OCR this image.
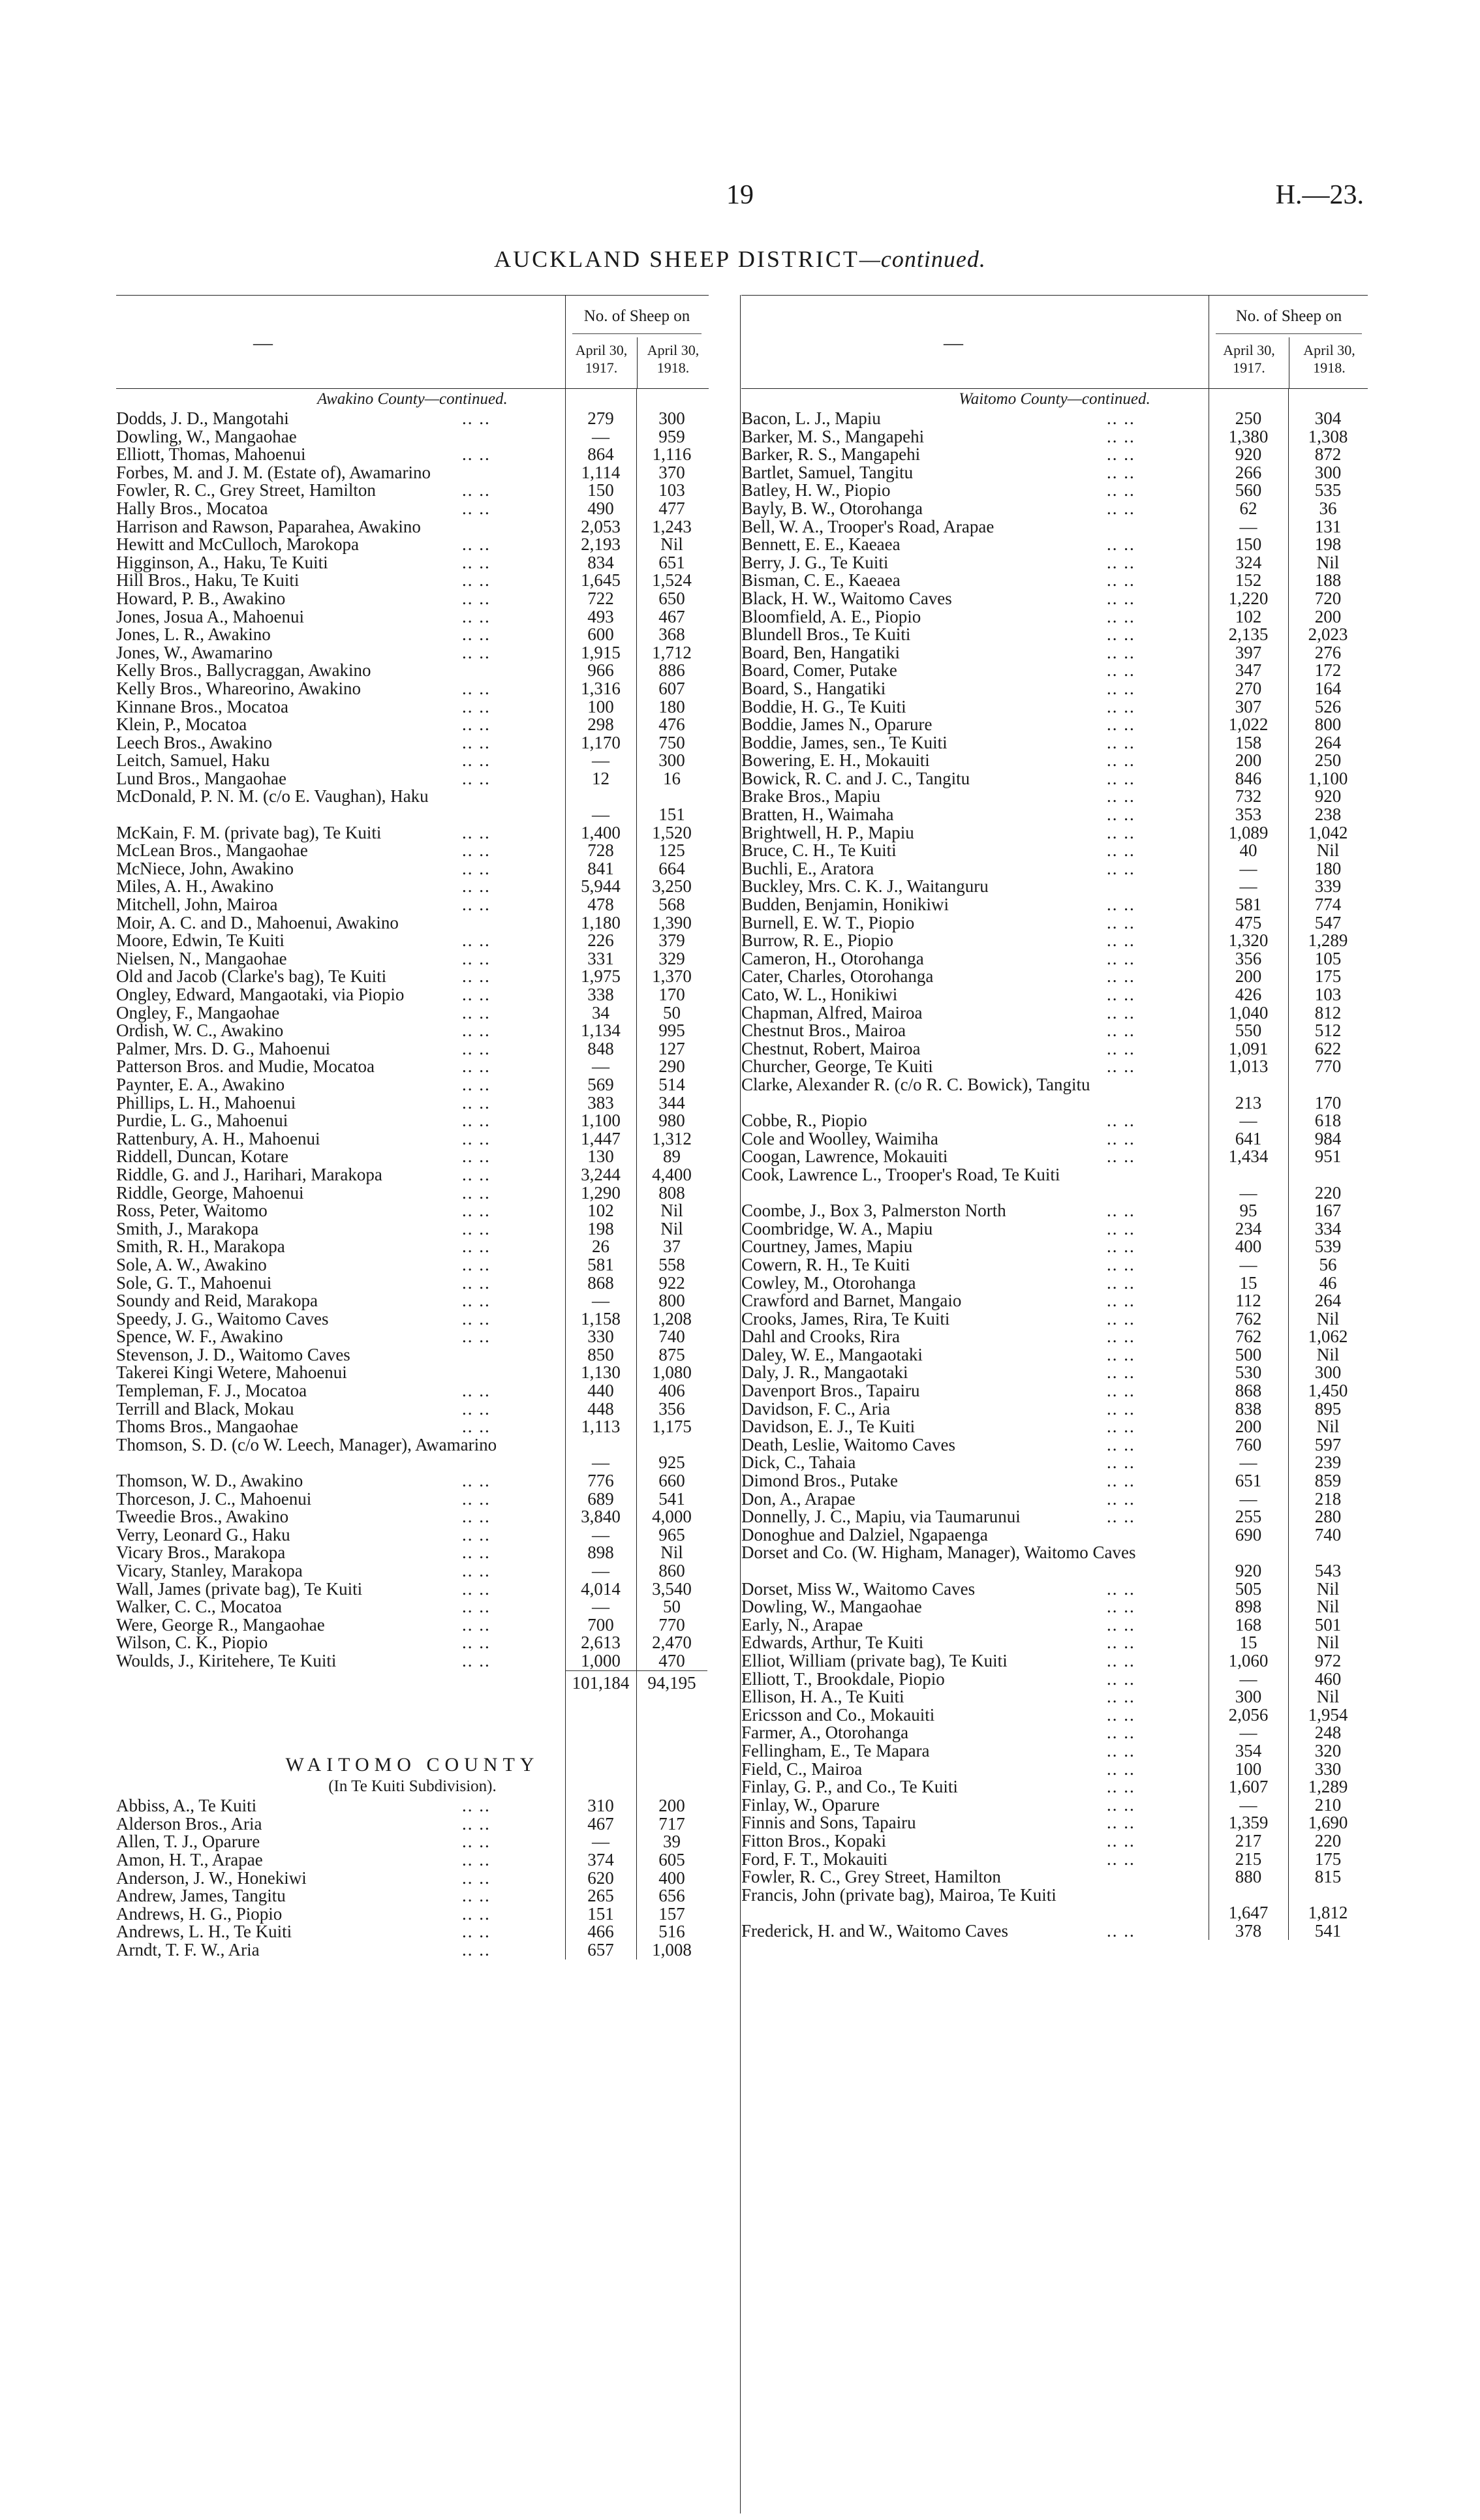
19	H.—23.
AUCKLAND SHEEP DISTRICT—continued.
—
No. of Sheep on
April 30, 1917.
April 30, 1918.
Awakino County—continued.
Dodds, J. D., Mangotahi	.. ..	279	300
Dowling, W., Mangaohae	—	959
Elliott, Thomas, Mahoenui	.. ..	864	1,116
Forbes, M. and J. M. (Estate of), Awamarino	1,114	370
Fowler, R. C., Grey Street, Hamilton	.. ..	150	103
Hally Bros., Mocatoa	.. ..	490	477
Harrison and Rawson, Paparahea, Awakino	2,053	1,243
Hewitt and McCulloch, Marokopa	.. ..	2,193	Nil
Higginson, A., Haku, Te Kuiti	.. ..	834	651
Hill Bros., Haku, Te Kuiti	.. ..	1,645	1,524
Howard, P. B., Awakino	.. ..	722	650
Jones, Josua A., Mahoenui	.. ..	493	467
Jones, L. R., Awakino	.. ..	600	368
Jones, W., Awamarino	.. ..	1,915	1,712
Kelly Bros., Ballycraggan, Awakino	966	886
Kelly Bros., Whareorino, Awakino	.. ..	1,316	607
Kinnane Bros., Mocatoa	.. ..	100	180
Klein, P., Mocatoa	.. ..	298	476
Leech Bros., Awakino	.. ..	1,170	750
Leitch, Samuel, Haku	.. ..	—	300
Lund Bros., Mangaohae	.. ..	12	16
McDonald, P. N. M. (c/o E. Vaughan), Haku
—	151
McKain, F. M. (private bag), Te Kuiti	.. ..	1,400	1,520
McLean Bros., Mangaohae	.. ..	728	125
McNiece, John, Awakino	.. ..	841	664
Miles, A. H., Awakino	.. ..	5,944	3,250
Mitchell, John, Mairoa	.. ..	478	568
Moir, A. C. and D., Mahoenui, Awakino	1,180	1,390
Moore, Edwin, Te Kuiti	.. ..	226	379
Nielsen, N., Mangaohae	.. ..	331	329
Old and Jacob (Clarke's bag), Te Kuiti	.. ..	1,975	1,370
Ongley, Edward, Mangaotaki, via Piopio	.. ..	338	170
Ongley, F., Mangaohae	.. ..	34	50
Ordish, W. C., Awakino	.. ..	1,134	995
Palmer, Mrs. D. G., Mahoenui	.. ..	848	127
Patterson Bros. and Mudie, Mocatoa	.. ..	—	290
Paynter, E. A., Awakino	.. ..	569	514
Phillips, L. H., Mahoenui	.. ..	383	344
Purdie, L. G., Mahoenui	.. ..	1,100	980
Rattenbury, A. H., Mahoenui	.. ..	1,447	1,312
Riddell, Duncan, Kotare	.. ..	130	89
Riddle, G. and J., Harihari, Marakopa	.. ..	3,244	4,400
Riddle, George, Mahoenui	.. ..	1,290	808
Ross, Peter, Waitomo	.. ..	102	Nil
Smith, J., Marakopa	.. ..	198	Nil
Smith, R. H., Marakopa	.. ..	26	37
Sole, A. W., Awakino	.. ..	581	558
Sole, G. T., Mahoenui	.. ..	868	922
Soundy and Reid, Marakopa	.. ..	—	800
Speedy, J. G., Waitomo Caves	.. ..	1,158	1,208
Spence, W. F., Awakino	.. ..	330	740
Stevenson, J. D., Waitomo Caves	850	875
Takerei Kingi Wetere, Mahoenui	1,130	1,080
Templeman, F. J., Mocatoa	.. ..	440	406
Terrill and Black, Mokau	.. ..	448	356
Thoms Bros., Mangaohae	.. ..	1,113	1,175
Thomson, S. D. (c/o W. Leech, Manager), Awamarino
—	925
Thomson, W. D., Awakino	.. ..	776	660
Thorceson, J. C., Mahoenui	.. ..	689	541
Tweedie Bros., Awakino	.. ..	3,840	4,000
Verry, Leonard G., Haku	.. ..	—	965
Vicary Bros., Marakopa	.. ..	898	Nil
Vicary, Stanley, Marakopa	.. ..	—	860
Wall, James (private bag), Te Kuiti	.. ..	4,014	3,540
Walker, C. C., Mocatoa	.. ..	—	50
Were, George R., Mangaohae	.. ..	700	770
Wilson, C. K., Piopio	.. ..	2,613	2,470
Woulds, J., Kiritehere, Te Kuiti	.. ..	1,000	470
101,184	94,195
WAITOMO COUNTY
(In Te Kuiti Subdivision).
Abbiss, A., Te Kuiti	.. ..	310	200
Alderson Bros., Aria	.. ..	467	717
Allen, T. J., Oparure	.. ..	—	39
Amon, H. T., Arapae	.. ..	374	605
Anderson, J. W., Honekiwi	.. ..	620	400
Andrew, James, Tangitu	.. ..	265	656
Andrews, H. G., Piopio	.. ..	151	157
Andrews, L. H., Te Kuiti	.. ..	466	516
Arndt, T. F. W., Aria	.. ..	657	1,008
—
No. of Sheep on
April 30, 1917.
April 30, 1918.
Waitomo County—continued.
Bacon, L. J., Mapiu	.. ..	250	304
Barker, M. S., Mangapehi	.. ..	1,380	1,308
Barker, R. S., Mangapehi	.. ..	920	872
Bartlet, Samuel, Tangitu	.. ..	266	300
Batley, H. W., Piopio	.. ..	560	535
Bayly, B. W., Otorohanga	.. ..	62	36
Bell, W. A., Trooper's Road, Arapae	—	131
Bennett, E. E., Kaeaea	.. ..	150	198
Berry, J. G., Te Kuiti	.. ..	324	Nil
Bisman, C. E., Kaeaea	.. ..	152	188
Black, H. W., Waitomo Caves	.. ..	1,220	720
Bloomfield, A. E., Piopio	.. ..	102	200
Blundell Bros., Te Kuiti	.. ..	2,135	2,023
Board, Ben, Hangatiki	.. ..	397	276
Board, Comer, Putake	.. ..	347	172
Board, S., Hangatiki	.. ..	270	164
Boddie, H. G., Te Kuiti	.. ..	307	526
Boddie, James N., Oparure	.. ..	1,022	800
Boddie, James, sen., Te Kuiti	.. ..	158	264
Bowering, E. H., Mokauiti	.. ..	200	250
Bowick, R. C. and J. C., Tangitu	.. ..	846	1,100
Brake Bros., Mapiu	.. ..	732	920
Bratten, H., Waimaha	.. ..	353	238
Brightwell, H. P., Mapiu	.. ..	1,089	1,042
Bruce, C. H., Te Kuiti	.. ..	40	Nil
Buchli, E., Aratora	.. ..	—	180
Buckley, Mrs. C. K. J., Waitanguru	—	339
Budden, Benjamin, Honikiwi	.. ..	581	774
Burnell, E. W. T., Piopio	.. ..	475	547
Burrow, R. E., Piopio	.. ..	1,320	1,289
Cameron, H., Otorohanga	.. ..	356	105
Cater, Charles, Otorohanga	.. ..	200	175
Cato, W. L., Honikiwi	.. ..	426	103
Chapman, Alfred, Mairoa	.. ..	1,040	812
Chestnut Bros., Mairoa	.. ..	550	512
Chestnut, Robert, Mairoa	.. ..	1,091	622
Churcher, George, Te Kuiti	.. ..	1,013	770
Clarke, Alexander R. (c/o R. C. Bowick), Tangitu
213	170
Cobbe, R., Piopio	.. ..	—	618
Cole and Woolley, Waimiha	.. ..	641	984
Coogan, Lawrence, Mokauiti	.. ..	1,434	951
Cook, Lawrence L., Trooper's Road, Te Kuiti
—	220
Coombe, J., Box 3, Palmerston North	.. ..	95	167
Coombridge, W. A., Mapiu	.. ..	234	334
Courtney, James, Mapiu	.. ..	400	539
Cowern, R. H., Te Kuiti	.. ..	—	56
Cowley, M., Otorohanga	.. ..	15	46
Crawford and Barnet, Mangaio	.. ..	112	264
Crooks, James, Rira, Te Kuiti	.. ..	762	Nil
Dahl and Crooks, Rira	.. ..	762	1,062
Daley, W. E., Mangaotaki	.. ..	500	Nil
Daly, J. R., Mangaotaki	.. ..	530	300
Davenport Bros., Tapairu	.. ..	868	1,450
Davidson, F. C., Aria	.. ..	838	895
Davidson, E. J., Te Kuiti	.. ..	200	Nil
Death, Leslie, Waitomo Caves	.. ..	760	597
Dick, C., Tahaia	.. ..	—	239
Dimond Bros., Putake	.. ..	651	859
Don, A., Arapae	.. ..	—	218
Donnelly, J. C., Mapiu, via Taumarunui	.. ..	255	280
Donoghue and Dalziel, Ngapaenga	690	740
Dorset and Co. (W. Higham, Manager), Waitomo Caves
920	543
Dorset, Miss W., Waitomo Caves	.. ..	505	Nil
Dowling, W., Mangaohae	.. ..	898	Nil
Early, N., Arapae	.. ..	168	501
Edwards, Arthur, Te Kuiti	.. ..	15	Nil
Elliot, William (private bag), Te Kuiti	.. ..	1,060	972
Elliott, T., Brookdale, Piopio	.. ..	—	460
Ellison, H. A., Te Kuiti	.. ..	300	Nil
Ericsson and Co., Mokauiti	.. ..	2,056	1,954
Farmer, A., Otorohanga	.. ..	—	248
Fellingham, E., Te Mapara	.. ..	354	320
Field, C., Mairoa	.. ..	100	330
Finlay, G. P., and Co., Te Kuiti	.. ..	1,607	1,289
Finlay, W., Oparure	.. ..	—	210
Finnis and Sons, Tapairu	.. ..	1,359	1,690
Fitton Bros., Kopaki	.. ..	217	220
Ford, F. T., Mokauiti	.. ..	215	175
Fowler, R. C., Grey Street, Hamilton	880	815
Francis, John (private bag), Mairoa, Te Kuiti
1,647	1,812
Frederick, H. and W., Waitomo Caves	.. ..	378	541
